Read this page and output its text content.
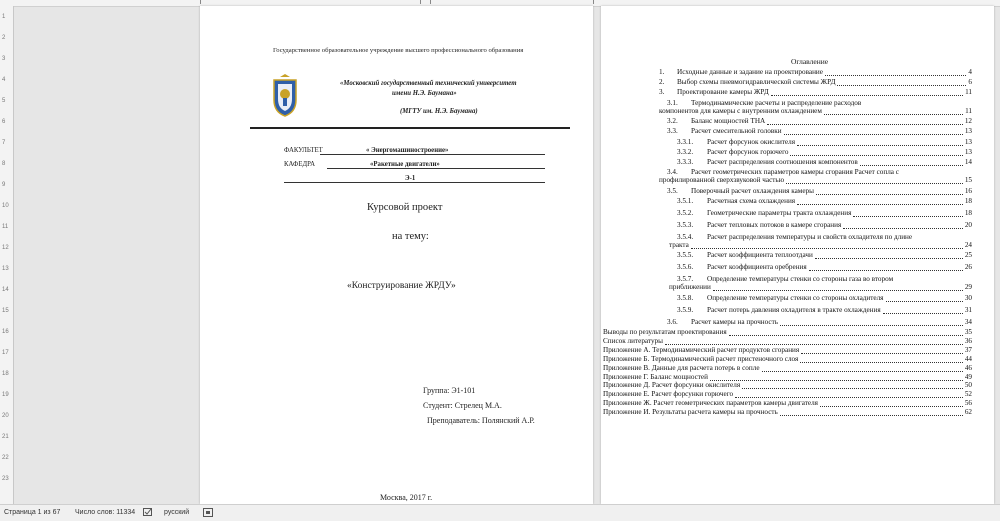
1
2
3
4
5
6
7
8
9
10
11
12
13
14
15
16
17
18
19
20
21
22
23
Государственное образовательное учреждение высшего профессионального образования
«Московский государственный технический университет
имени Н.Э. Баумана»
(МГТУ им. Н.Э. Баумана)
ФАКУЛЬТЕТ	« Энергомашиностроение»
КАФЕДРА	«Ракетные двигатели»
Э-1
Курсовой проект
на тему:
«Конструирование ЖРДУ»
Группа: Э1-101
Студент: Стрелец М.А.
Преподаватель: Полянский А.Р.
Москва, 2017 г.
Оглавление
1. Исходные данные и задание на проектирование	4
2. Выбор схемы пневмогидравлической системы ЖРД	6
3. Проектирование камеры ЖРД	11
3.1. Термодинамические расчеты и распределение расходов
компонентов для камеры с внутренним охлаждением	11
3.2. Баланс мощностей ТНА	12
3.3. Расчет смесительной головки	13
3.3.1. Расчет форсунок окислителя	13
3.3.2. Расчет форсунок горючего	13
3.3.3. Расчет распределения соотношения компонентов	14
3.4. Расчет геометрических параметров камеры сгорания Расчет сопла с
профилированной сверхзвуковой частью	15
3.5. Поверочный расчет охлаждения камеры	16
3.5.1. Расчетная схема охлаждения	18
3.5.2. Геометрические параметры тракта охлаждения	18
3.5.3. Расчет тепловых потоков в камере сгорания	20
3.5.4. Расчет распределения температуры и свойств охладителя по длине
тракта	24
3.5.5. Расчет коэффициента теплоотдачи	25
3.5.6. Расчет коэффициента оребрения	26
3.5.7. Определение температуры стенки со стороны газа во втором
приближении	29
3.5.8. Определение температуры стенки со стороны охладителя	30
3.5.9. Расчет потерь давления охладителя в тракте охлаждения	31
3.6. Расчет камеры на прочность	34
Выводы по результатам проектирования	35
Список литературы	36
Приложение А. Термодинамический расчет продуктов сгорания	37
Приложение Б. Термодинамический расчет пристеночного слоя	44
Приложение В. Данные для расчета потерь в сопле	46
Приложение Г. Баланс мощностей	49
Приложение Д. Расчет форсунки окислителя	50
Приложение Е. Расчет форсунки горючего	52
Приложение Ж. Расчет геометрических параметров камеры двигателя	56
Приложение И. Результаты расчета камеры на прочность	62
Страница 1 из 67 Число слов: 11334	русский
